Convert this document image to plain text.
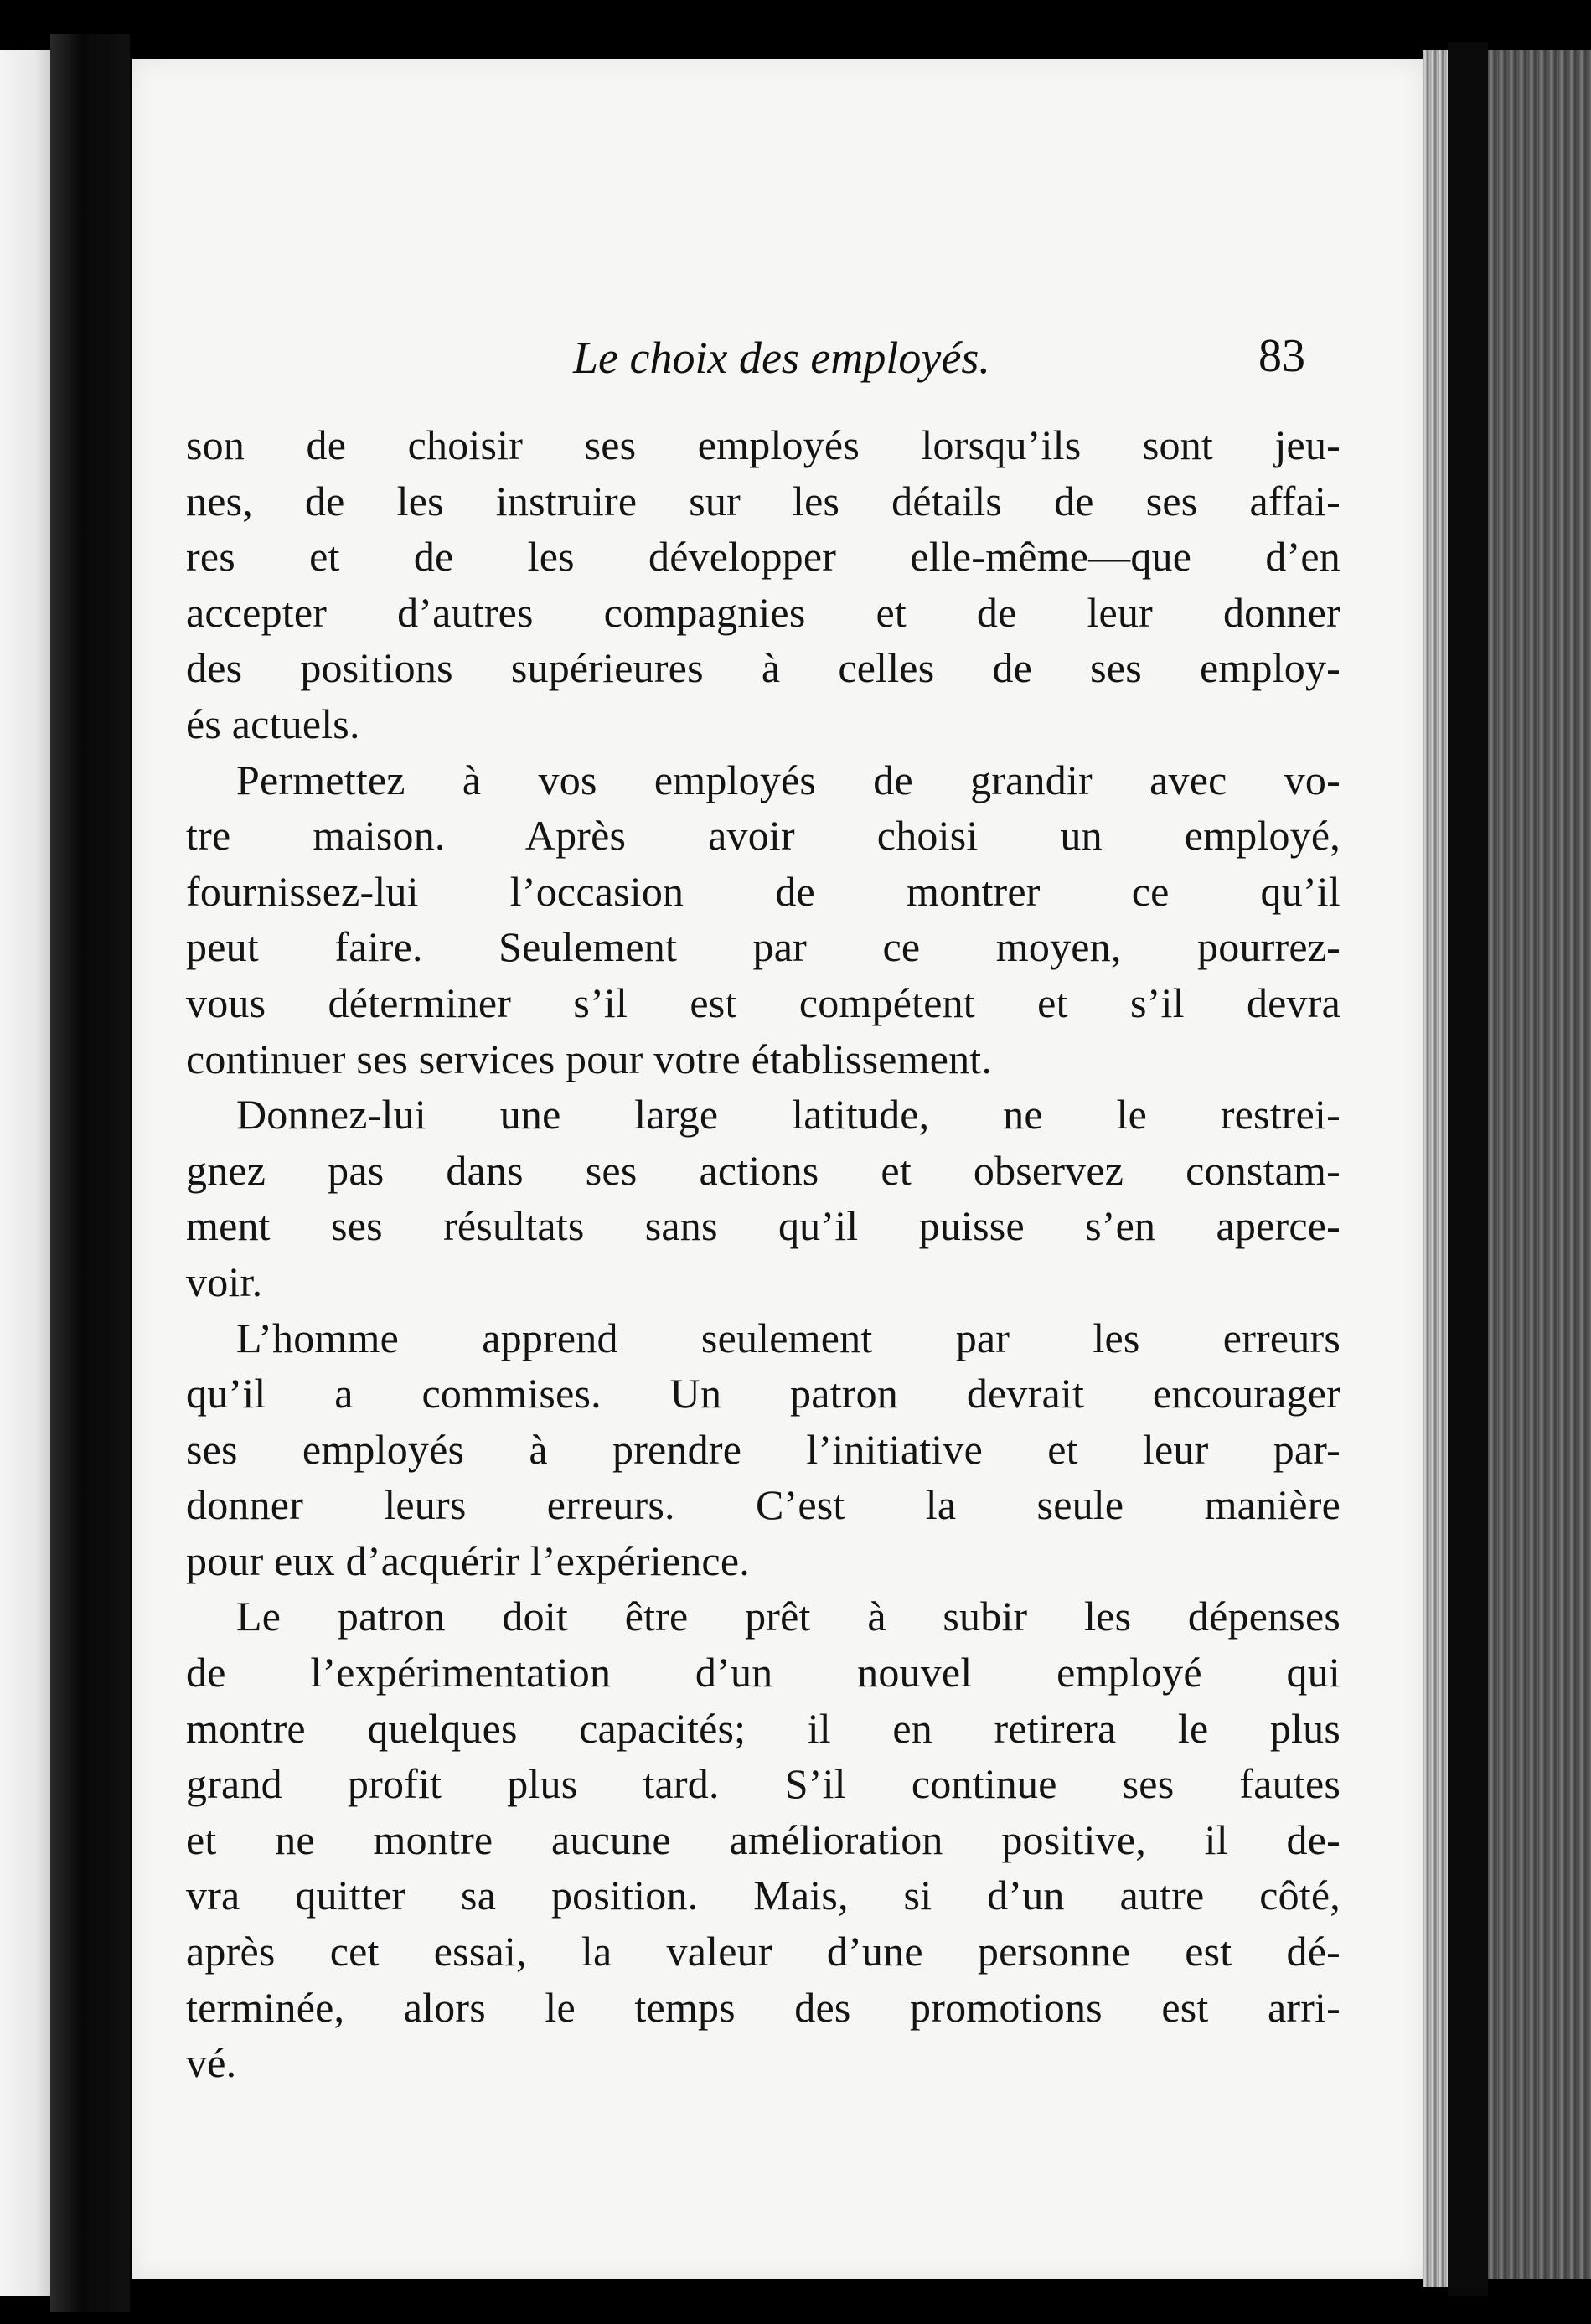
Le choix des employés.	83
son de choisir ses employés lorsqu’ils sont jeu-
nes, de les instruire sur les détails de ses affai-
res et de les développer elle-même—que d’en
accepter d’autres compagnies et de leur donner
des positions supérieures à celles de ses employ-
és actuels.
Permettez à vos employés de grandir avec vo-
tre maison. Après avoir choisi un employé,
fournissez-lui l’occasion de montrer ce qu’il
peut faire. Seulement par ce moyen, pourrez-
vous déterminer s’il est compétent et s’il devra
continuer ses services pour votre établissement.
Donnez-lui une large latitude, ne le restrei-
gnez pas dans ses actions et observez constam-
ment ses résultats sans qu’il puisse s’en aperce-
voir.
L’homme apprend seulement par les erreurs
qu’il a commises. Un patron devrait encourager
ses employés à prendre l’initiative et leur par-
donner leurs erreurs. C’est la seule manière
pour eux d’acquérir l’expérience.
Le patron doit être prêt à subir les dépenses
de l’expérimentation d’un nouvel employé qui
montre quelques capacités; il en retirera le plus
grand profit plus tard. S’il continue ses fautes
et ne montre aucune amélioration positive, il de-
vra quitter sa position. Mais, si d’un autre côté,
après cet essai, la valeur d’une personne est dé-
terminée, alors le temps des promotions est arri-
vé.
